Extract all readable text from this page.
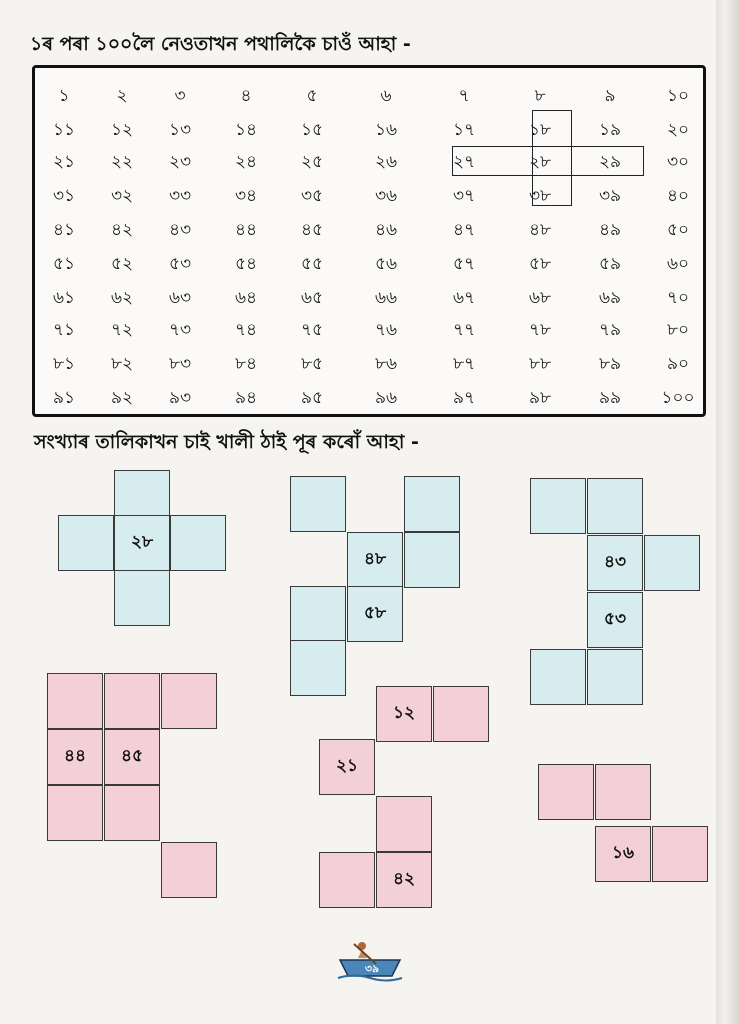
১ৰ পৰা ১০০লৈ নেওতাখন পথালিকৈ চাওঁ আহা -
১	২	৩	৪	৫	৬	৭	৮	৯	১০
১১	১২	১৩	১৪	১৫	১৬	১৭	১৮	১৯	২০
২১	২২	২৩	২৪	২৫	২৬	২৭	২৮	২৯	৩০
৩১	৩২	৩৩	৩৪	৩৫	৩৬	৩৭	৩৮	৩৯	৪০
৪১	৪২	৪৩	৪৪	৪৫	৪৬	৪৭	৪৮	৪৯	৫০
৫১	৫২	৫৩	৫৪	৫৫	৫৬	৫৭	৫৮	৫৯	৬০
৬১	৬২	৬৩	৬৪	৬৫	৬৬	৬৭	৬৮	৬৯	৭০
৭১	৭২	৭৩	৭৪	৭৫	৭৬	৭৭	৭৮	৭৯	৮০
৮১	৮২	৮৩	৮৪	৮৫	৮৬	৮৭	৮৮	৮৯	৯০
৯১	৯২	৯৩	৯৪	৯৫	৯৬	৯৭	৯৮	৯৯	১০০
সংখ্যাৰ তালিকাখন চাই খালী ঠাই পূৰ কৰোঁ আহা -
২৮
৪৮
৫৮
৪৩
৫৩
৪৪	৪৫
১২
২১
৪২
১৬
৩৯
